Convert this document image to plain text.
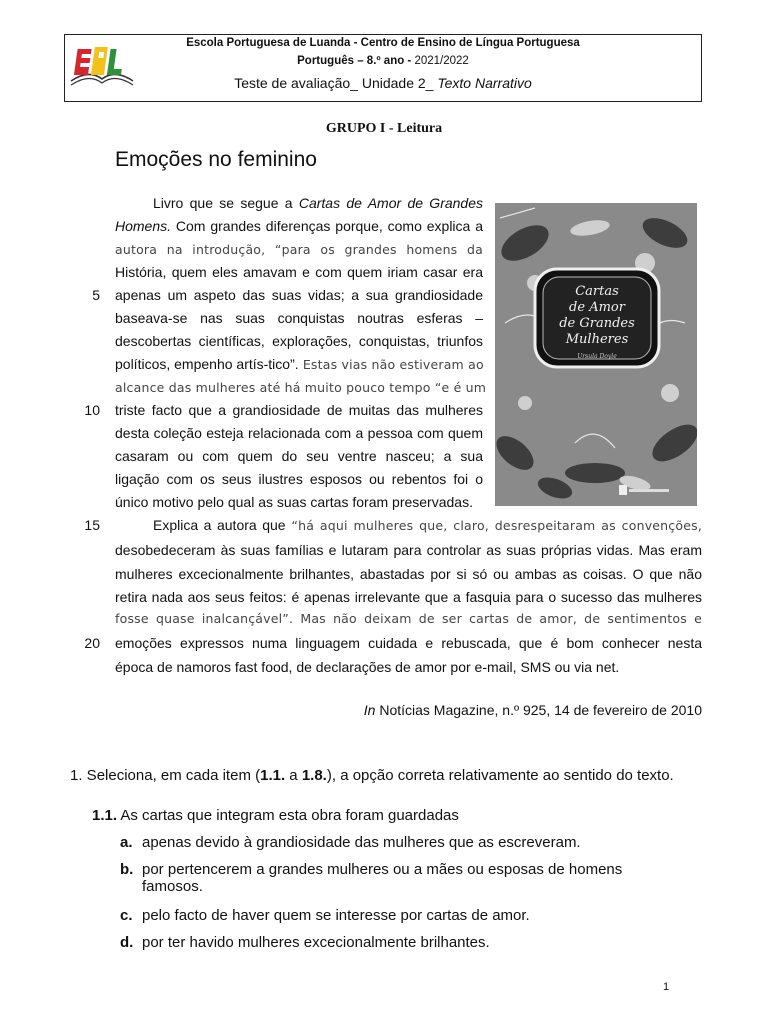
Escola Portuguesa de Luanda - Centro de Ensino de Língua Portuguesa
Português – 8.º ano - 2021/2022
Teste de avaliação_ Unidade 2_ Texto Narrativo
GRUPO I - Leitura
Emoções no feminino
Livro que se segue a Cartas de Amor de Grandes
Homens. Com grandes diferenças porque, como explica a
autora na introdução, “para os grandes homens da
História, quem eles amavam e com quem iriam casar era
apenas um aspeto das suas vidas; a sua grandiosidade
baseava-se nas suas conquistas noutras esferas –
descobertas científicas, explorações, conquistas, triunfos
políticos, empenho artís-tico”. Estas vias não estiveram ao
alcance das mulheres até há muito pouco tempo “e é um
triste facto que a grandiosidade de muitas das mulheres
desta coleção esteja relacionada com a pessoa com quem
casaram ou com quem do seu ventre nasceu; a sua
ligação com os seus ilustres esposos ou rebentos foi o
único motivo pelo qual as suas cartas foram preservadas.
Explica a autora que “há aqui mulheres que, claro, desrespeitaram as convenções,
desobedeceram às suas famílias e lutaram para controlar as suas próprias vidas. Mas eram
mulheres excecionalmente brilhantes, abastadas por si só ou ambas as coisas. O que não
retira nada aos seus feitos: é apenas irrelevante que a fasquia para o sucesso das mulheres
fosse quase inalcançável”. Mas não deixam de ser cartas de amor, de sentimentos e
emoções expressos numa linguagem cuidada e rebuscada, que é bom conhecer nesta
época de namoros fast food, de declarações de amor por e-mail, SMS ou via net.
5
10
15
20
Cartas
de Amor
de Grandes
Mulheres
Ursula Doyle
In Notícias Magazine, n.º 925, 14 de fevereiro de 2010
1. Seleciona, em cada item (1.1. a 1.8.), a opção correta relativamente ao sentido do texto.
1.1. As cartas que integram esta obra foram guardadas
a. apenas devido à grandiosidade das mulheres que as escreveram.
b. por pertencerem a grandes mulheres ou a mães ou esposas de homens
famosos.
c. pelo facto de haver quem se interesse por cartas de amor.
d. por ter havido mulheres excecionalmente brilhantes.
1
